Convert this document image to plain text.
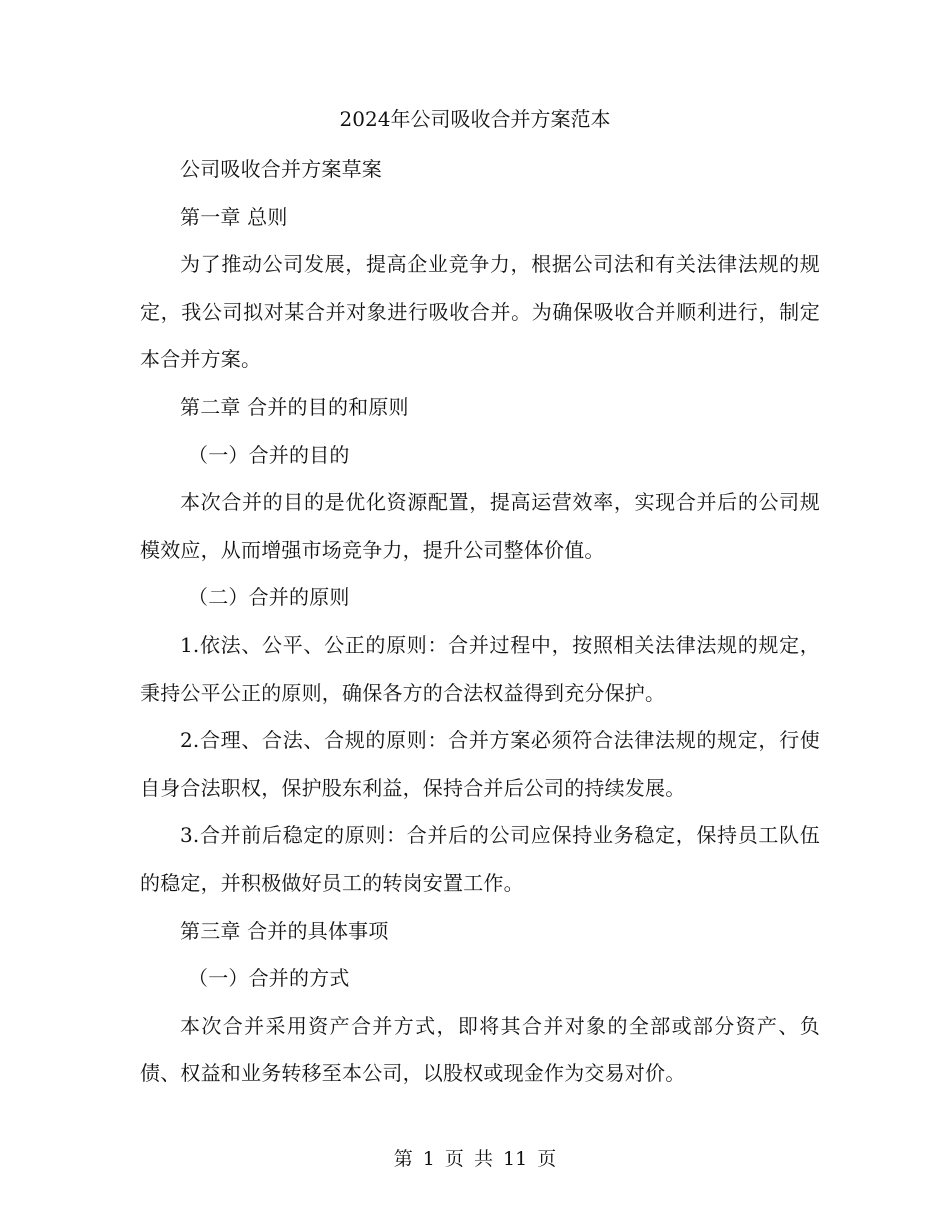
2024年公司吸收合并方案范本

公司吸收合并方案草案

第一章 总则

为了推动公司发展，提高企业竞争力，根据公司法和有关法律法规的规定，我公司拟对某合并对象进行吸收合并。为确保吸收合并顺利进行，制定本合并方案。

第二章 合并的目的和原则

（一）合并的目的

本次合并的目的是优化资源配置，提高运营效率，实现合并后的公司规模效应，从而增强市场竞争力，提升公司整体价值。

（二）合并的原则

1.依法、公平、公正的原则：合并过程中，按照相关法律法规的规定，秉持公平公正的原则，确保各方的合法权益得到充分保护。

2.合理、合法、合规的原则：合并方案必须符合法律法规的规定，行使自身合法职权，保护股东利益，保持合并后公司的持续发展。

3.合并前后稳定的原则：合并后的公司应保持业务稳定，保持员工队伍的稳定，并积极做好员工的转岗安置工作。

第三章 合并的具体事项

（一）合并的方式

本次合并采用资产合并方式，即将其合并对象的全部或部分资产、负债、权益和业务转移至本公司，以股权或现金作为交易对价。

第 1 页 共 11 页
